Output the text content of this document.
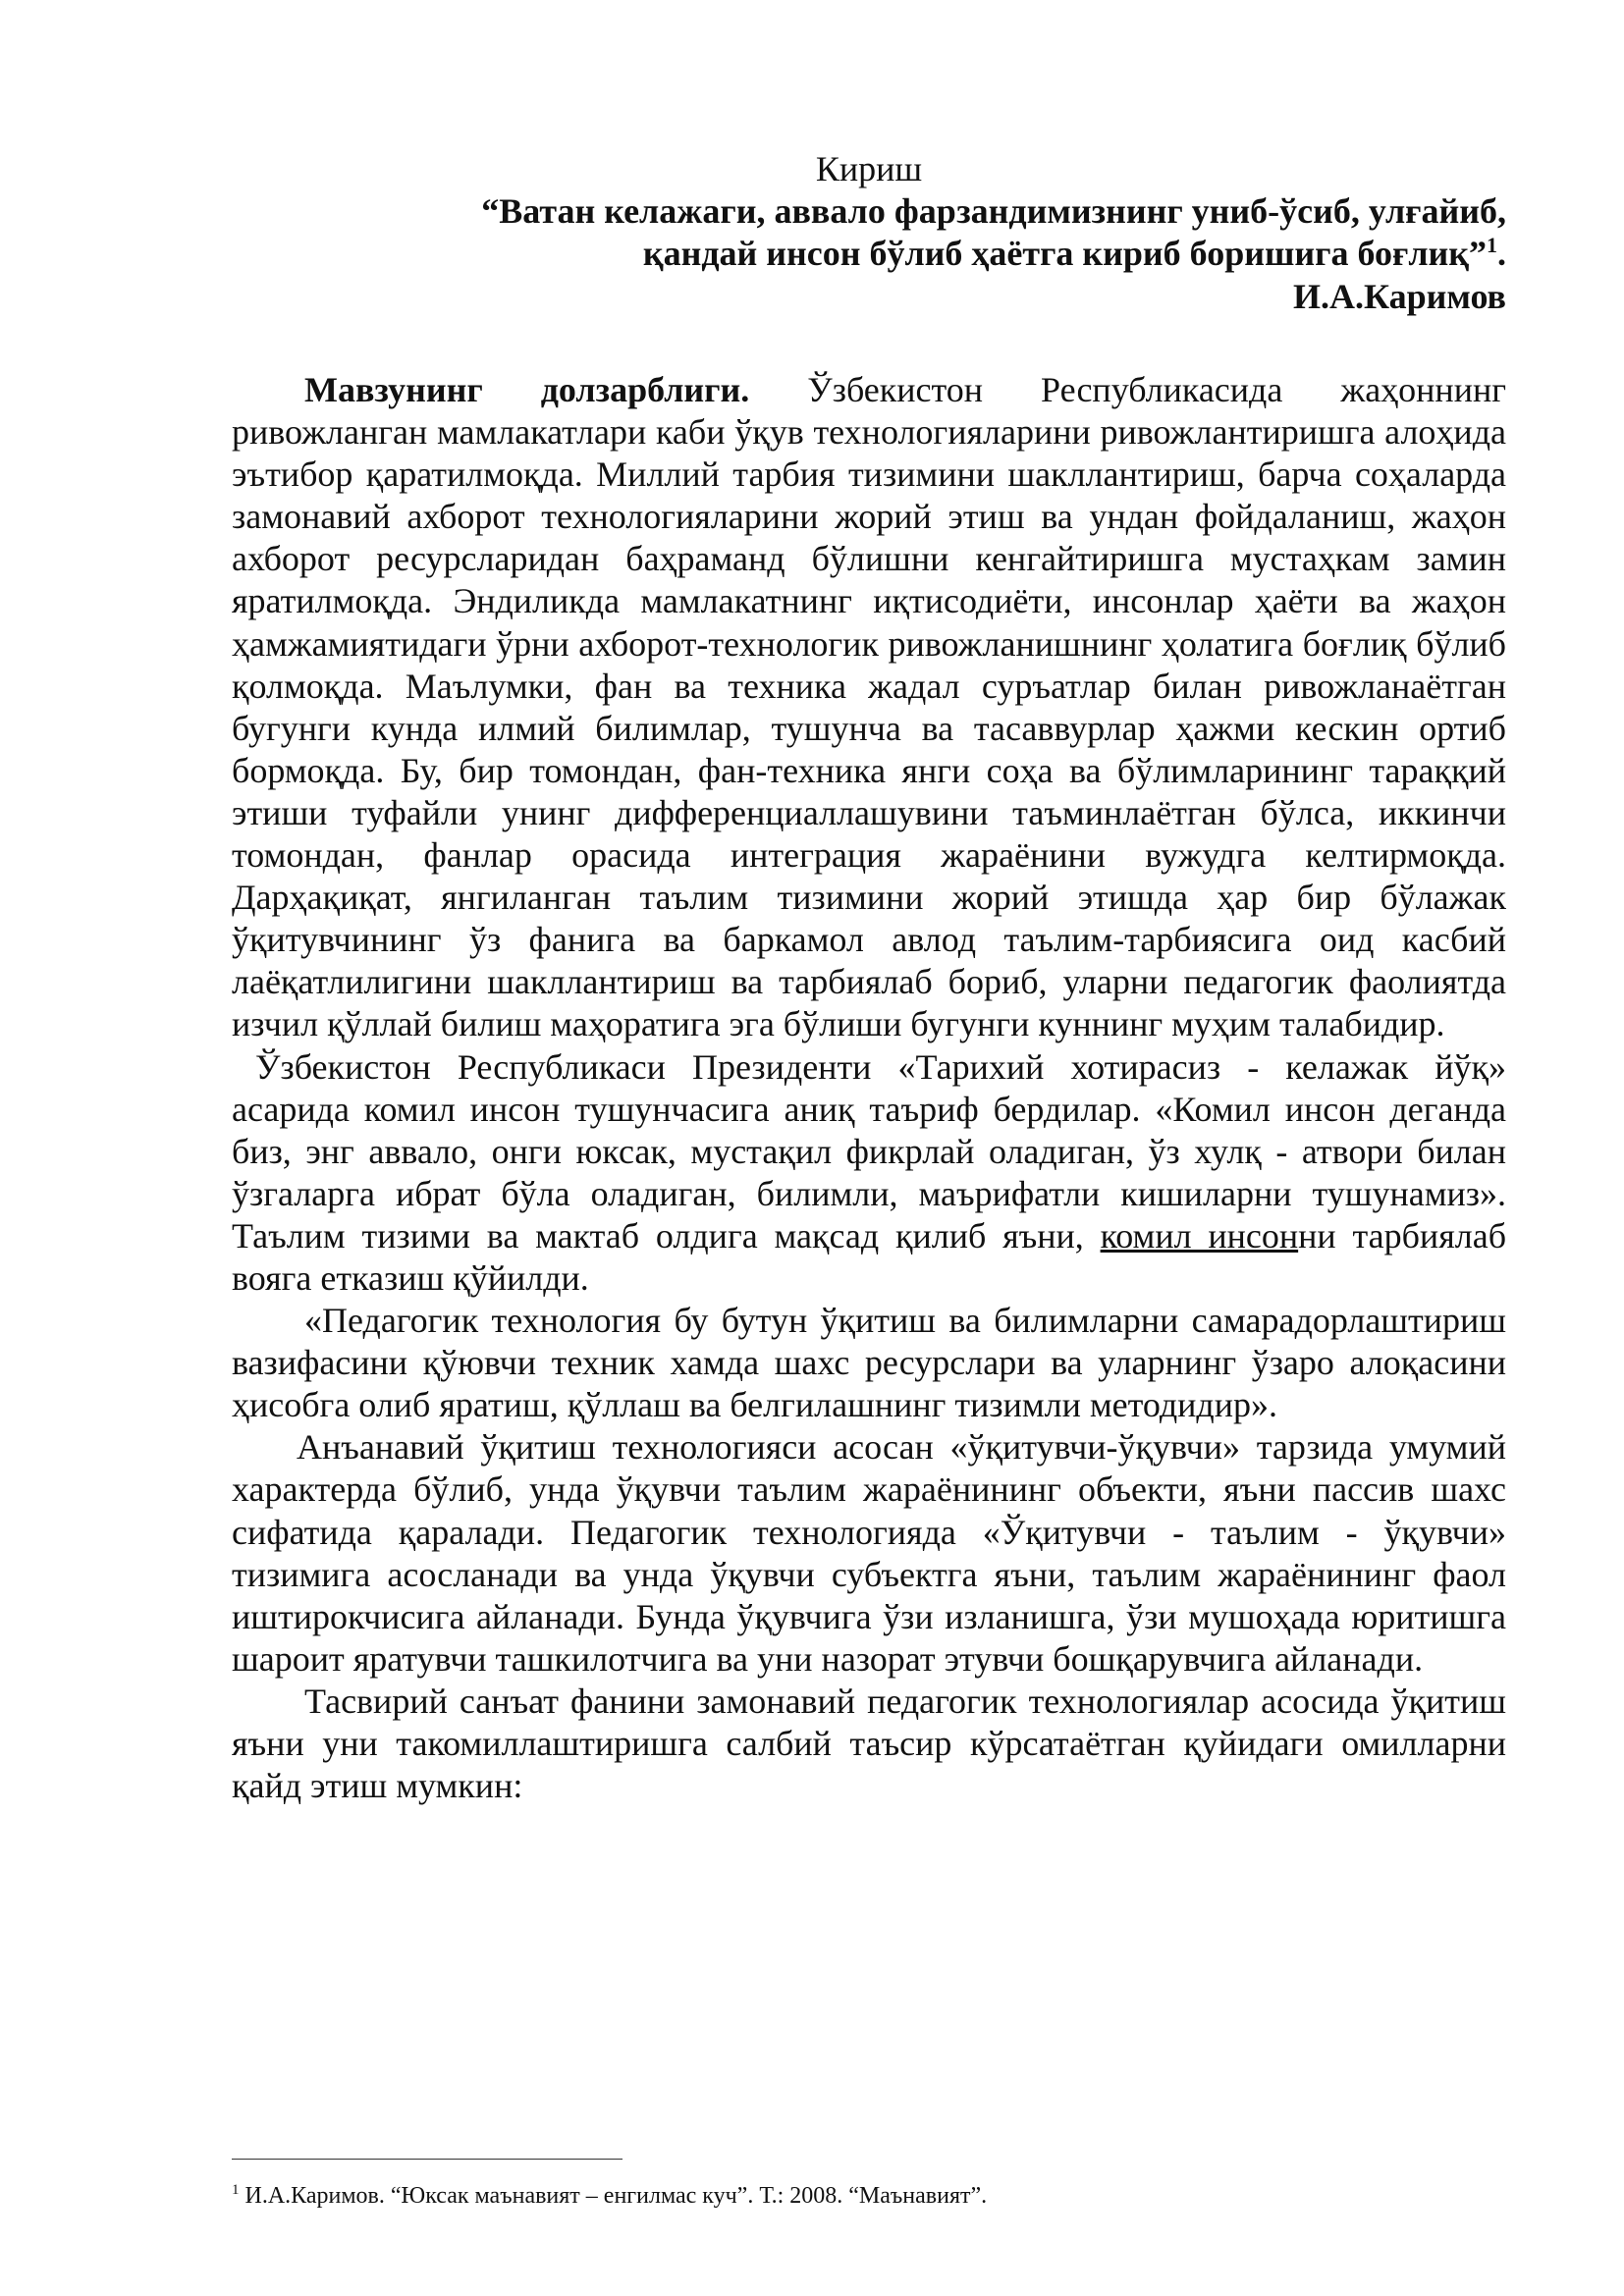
Кириш

“Ватан келажаги, аввало фарзандимизнинг униб-ўсиб, улғайиб,
қандай инсон бўлиб ҳаётга кириб боришига боғлиқ”$^1$.

И.А.Каримов

Мавзунинг долзарблиги. Ўзбекистон Республикасида жаҳоннинг ривожланган мамлакатлари каби ўқув технологияларини ривожлантиришга алоҳида эътибор қаратилмоқда. Миллий тарбия тизимини шакллантириш, барча соҳаларда замонавий ахборот технологияларини жорий этиш ва ундан фойдаланиш, жаҳон ахборот ресурсларидан баҳраманд бўлишни кенгайтиришга мустаҳкам замин яратилмоқда. Эндиликда мамлакатнинг иқтисодиёти, инсонлар ҳаёти ва жаҳон ҳамжамиятидаги ўрни ахборот-технологик ривожланишнинг ҳолатига боғлиқ бўлиб қолмоқда. Маълумки, фан ва техника жадал суръатлар билан ривожланаётган бугунги кунда илмий билимлар, тушунча ва тасаввурлар ҳажми кескин ортиб бормоқда. Бу, бир томондан, фан-техника янги соҳа ва бўлимларининг тараққий этиши туфайли унинг дифференциаллашувини таъминлаётган бўлса, иккинчи томондан, фанлар орасида интеграция жараёнини вужудга келтирмоқда. Дарҳақиқат, янгиланган таълим тизимини жорий этишда ҳар бир бўлажак ўқитувчининг ўз фанига ва баркамол авлод таълим-тарбиясига оид касбий лаёқатлилигини шакллантириш ва тарбиялаб бориб, уларни педагогик фаолиятда изчил қўллай билиш маҳоратига эга бўлиши бугунги куннинг муҳим талабидир.

Ўзбекистон Республикаси Президенти «Тарихий хотирасиз - келажак йўқ» асарида комил инсон тушунчасига аниқ таъриф бердилар. «Комил инсон деганда биз, энг аввало, онги юксак, мустақил фикрлай оладиган, ўз хулқ - атвори билан ўзгаларга ибрат бўла оладиган, билимли, маърифатли кишиларни тушунамиз». Таълим тизими ва мактаб олдига мақсад қилиб яъни, комил инсонни тарбиялаб вояга етказиш қўйилди.

«Педагогик технология бу бутун ўқитиш ва билимларни самарадорлаштириш вазифасини қўювчи техник хамда шахс ресурслари ва уларнинг ўзаро алоқасини ҳисобга олиб яратиш, қўллаш ва белгилашнинг тизимли методидир».

Анъанавий ўқитиш технологияси асосан «ўқитувчи-ўқувчи» тарзида умумий характерда бўлиб, унда ўқувчи таълим жараёнининг объекти, яъни пассив шахс сифатида қаралади. Педагогик технологияда «Ўқитувчи - таълим - ўқувчи» тизимига асосланади ва унда ўқувчи субъектга яъни, таълим жараёнининг фаол иштирокчисига айланади. Бунда ўқувчига ўзи изланишга, ўзи мушоҳада юритишга шароит яратувчи ташкилотчига ва уни назорат этувчи бошқарувчига айланади.

Тасвирий санъат фанини замонавий педагогик технологиялар асосида ўқитиш яъни уни такомиллаштиришга салбий таъсир кўрсатаётган қуйидаги омилларни қайд этиш мумкин:

$^1$ И.А.Каримов. “Юксак маънавият – енгилмас куч”. Т.: 2008. “Маънавият”.
